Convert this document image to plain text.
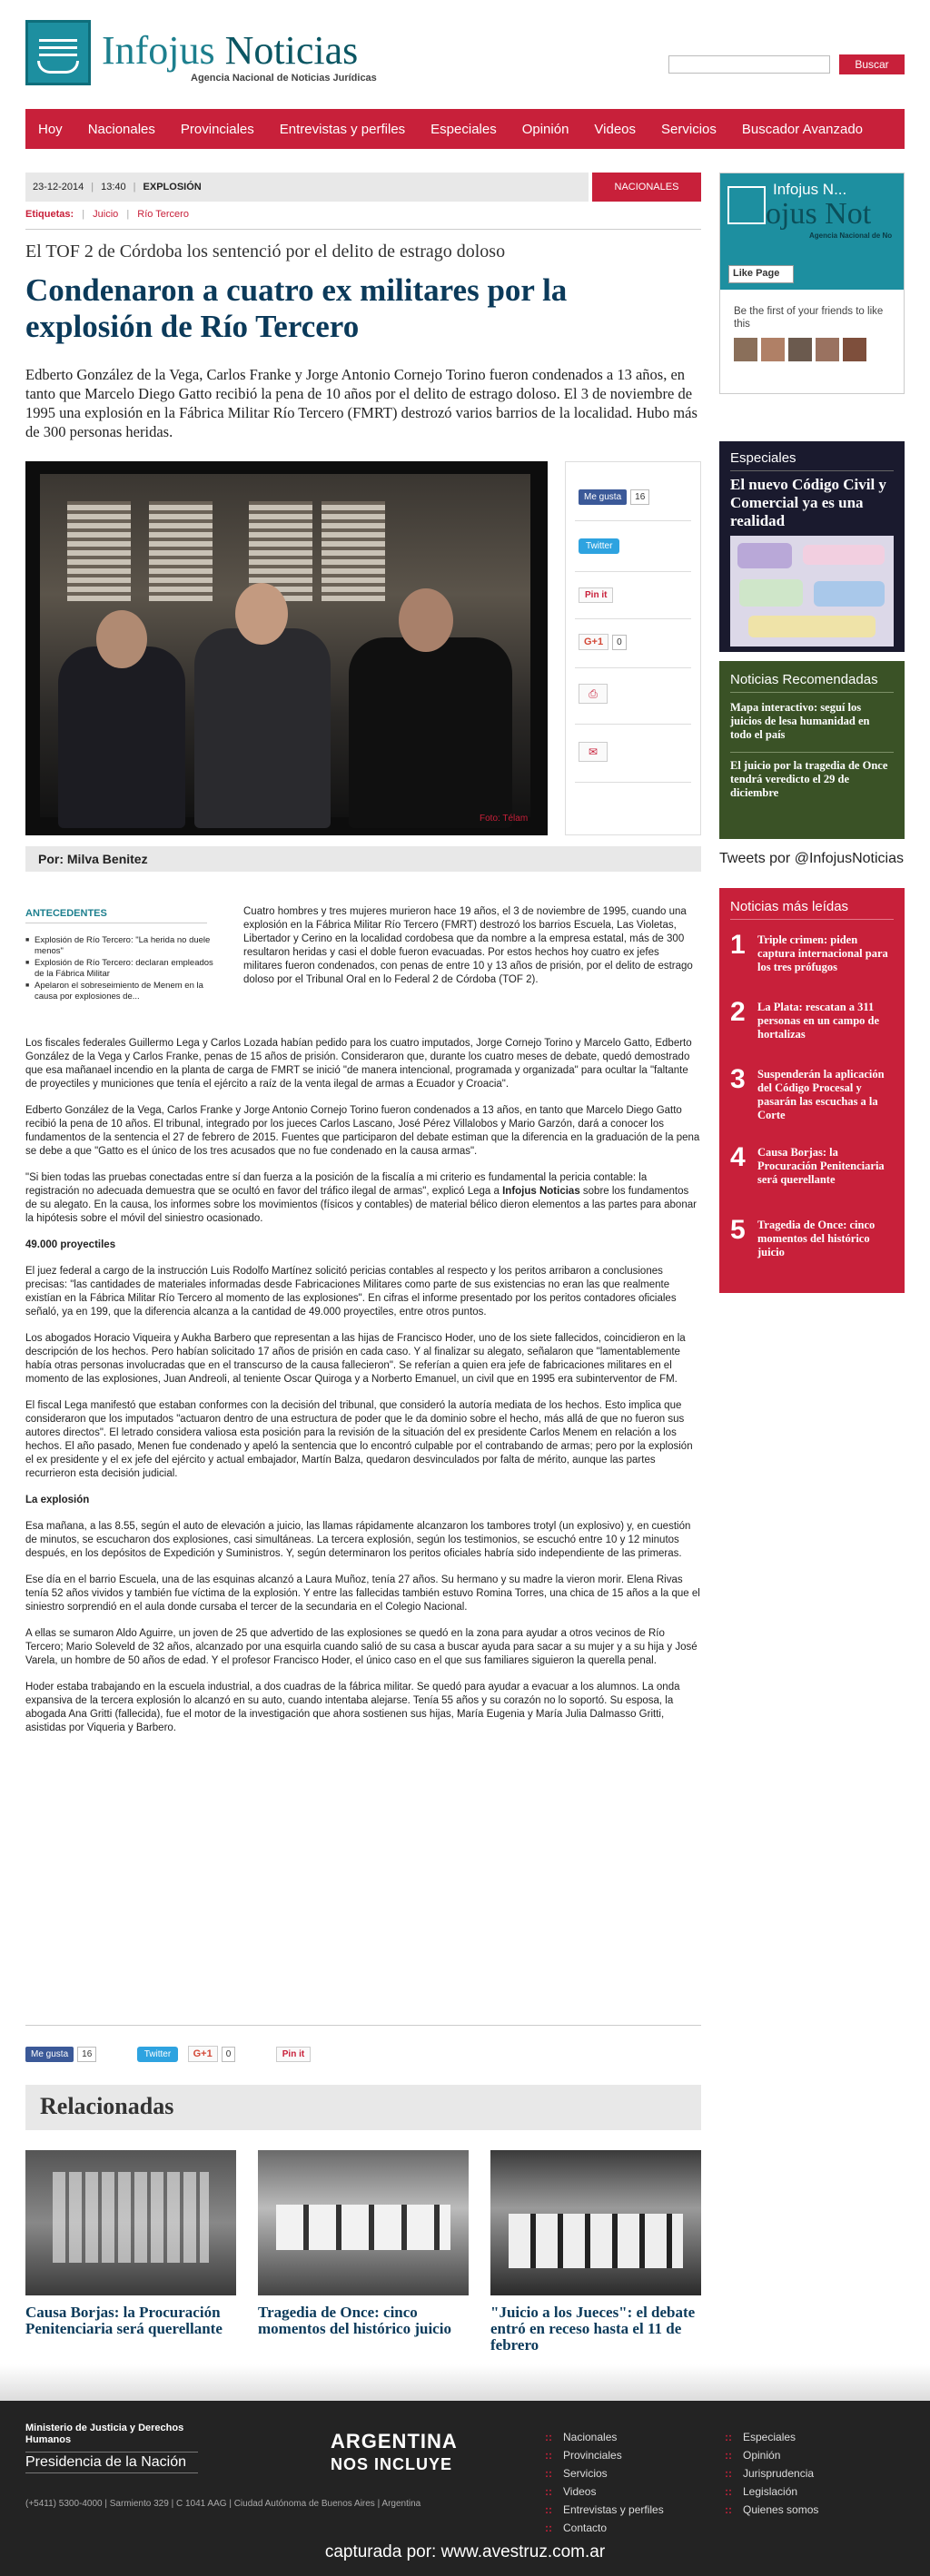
Infojus Noticias
Agencia Nacional de Noticias Jurídicas
Buscar
Hoy Nacionales Provinciales Entrevistas y perfiles Especiales Opinión Videos Servicios Buscador Avanzado
23-12-2014 | 13:40 | EXPLOSIÓN	NACIONALES
Etiquetas: | Juicio | Río Tercero
El TOF 2 de Córdoba los sentenció por el delito de estrago doloso
Condenaron a cuatro ex militares por la explosión de Río Tercero
Edberto González de la Vega, Carlos Franke y Jorge Antonio Cornejo Torino fueron condenados a 13 años, en tanto que Marcelo Diego Gatto recibió la pena de 10 años por el delito de estrago doloso. El 3 de noviembre de 1995 una explosión en la Fábrica Militar Río Tercero (FMRT) destrozó varios barrios de la localidad. Hubo más de 300 personas heridas.
Foto: Télam
Me gusta 16
Twitter
Pin it
G+1 0
⎙
✉
Por: Milva Benitez
ANTECEDENTES
■ Explosión de Río Tercero: "La herida no duele menos"
■ Explosión de Río Tercero: declaran empleados de la Fábrica Militar
■ Apelaron el sobreseimiento de Menem en la causa por explosiones de...
Cuatro hombres y tres mujeres murieron hace 19 años, el 3 de noviembre de 1995, cuando una explosión en la Fábrica Militar Río Tercero (FMRT) destrozó los barrios Escuela, Las Violetas, Libertador y Cerino en la localidad cordobesa que da nombre a la empresa estatal, más de 300 resultaron heridas y casi el doble fueron evacuadas. Por estos hechos hoy cuatro ex jefes militares fueron condenados, con penas de entre 10 y 13 años de prisión, por el delito de estrago doloso por el Tribunal Oral en lo Federal 2 de Córdoba (TOF 2).

Los fiscales federales Guillermo Lega y Carlos Lozada habían pedido para los cuatro imputados, Jorge Cornejo Torino y Marcelo Gatto, Edberto González de la Vega y Carlos Franke, penas de 15 años de prisión. Consideraron que, durante los cuatro meses de debate, quedó demostrado que esa mañanael incendio en la planta de carga de FMRT se inició "de manera intencional, programada y organizada" para ocultar la "faltante de proyectiles y municiones que tenía el ejército a raíz de la venta ilegal de armas a Ecuador y Croacia".

Edberto González de la Vega, Carlos Franke y Jorge Antonio Cornejo Torino fueron condenados a 13 años, en tanto que Marcelo Diego Gatto recibió la pena de 10 años. El tribunal, integrado por los jueces Carlos Lascano, José Pérez Villalobos y Mario Garzón, dará a conocer los fundamentos de la sentencia el 27 de febrero de 2015. Fuentes que participaron del debate estiman que la diferencia en la graduación de la pena se debe a que "Gatto es el único de los tres acusados que no fue condenado en la causa armas".

"Si bien todas las pruebas conectadas entre sí dan fuerza a la posición de la fiscalía a mi criterio es fundamental la pericia contable: la registración no adecuada demuestra que se ocultó en favor del tráfico ilegal de armas", explicó Lega a Infojus Noticias sobre los fundamentos de su alegato. En la causa, los informes sobre los movimientos (físicos y contables) de material bélico dieron elementos a las partes para abonar la hipótesis sobre el móvil del siniestro ocasionado.

49.000 proyectiles

El juez federal a cargo de la instrucción Luis Rodolfo Martínez solicitó pericias contables al respecto y los peritos arribaron a conclusiones precisas: "las cantidades de materiales informadas desde Fabricaciones Militares como parte de sus existencias no eran las que realmente existían en la Fábrica Militar Río Tercero al momento de las explosiones". En cifras el informe presentado por los peritos contadores oficiales señaló, ya en 199, que la diferencia alcanza a la cantidad de 49.000 proyectiles, entre otros puntos.

Los abogados Horacio Viqueira y Aukha Barbero que representan a las hijas de Francisco Hoder, uno de los siete fallecidos, coincidieron en la descripción de los hechos. Pero habían solicitado 17 años de prisión en cada caso. Y al finalizar su alegato, señalaron que "lamentablemente había otras personas involucradas que en el transcurso de la causa fallecieron". Se referían a quien era jefe de fabricaciones militares en el momento de las explosiones, Juan Andreoli, al teniente Oscar Quiroga y a Norberto Emanuel, un civil que en 1995 era subinterventor de FM.

El fiscal Lega manifestó que estaban conformes con la decisión del tribunal, que consideró la autoría mediata de los hechos. Esto implica que consideraron que los imputados "actuaron dentro de una estructura de poder que le da dominio sobre el hecho, más allá de que no fueron sus autores directos". El letrado considera valiosa esta posición para la revisión de la situación del ex presidente Carlos Menem en relación a los hechos. El año pasado, Menen fue condenado y apeló la sentencia que lo encontró culpable por el contrabando de armas; pero por la explosión el ex presidente y el ex jefe del ejército y actual embajador, Martín Balza, quedaron desvinculados por falta de mérito, aunque las partes recurrieron esta decisión judicial.

La explosión

Esa mañana, a las 8.55, según el auto de elevación a juicio, las llamas rápidamente alcanzaron los tambores trotyl (un explosivo) y, en cuestión de minutos, se escucharon dos explosiones, casi simultáneas. La tercera explosión, según los testimonios, se escuchó entre 10 y 12 minutos después, en los depósitos de Expedición y Suministros. Y, según determinaron los peritos oficiales habría sido independiente de las primeras.

Ese día en el barrio Escuela, una de las esquinas alcanzó a Laura Muñoz, tenía 27 años. Su hermano y su madre la vieron morir. Elena Rivas tenía 52 años vividos y también fue víctima de la explosión. Y entre las fallecidas también estuvo Romina Torres, una chica de 15 años a la que el siniestro sorprendió en el aula donde cursaba el tercer de la secundaria en el Colegio Nacional.

A ellas se sumaron Aldo Aguirre, un joven de 25 que advertido de las explosiones se quedó en la zona para ayudar a otros vecinos de Río Tercero; Mario Soleveld de 32 años, alcanzado por una esquirla cuando salió de su casa a buscar ayuda para sacar a su mujer y a su hija y José Varela, un hombre de 50 años de edad. Y el profesor Francisco Hoder, el único caso en el que sus familiares siguieron la querella penal.

Hoder estaba trabajando en la escuela industrial, a dos cuadras de la fábrica militar. Se quedó para ayudar a evacuar a los alumnos. La onda expansiva de la tercera explosión lo alcanzó en su auto, cuando intentaba alejarse. Tenía 55 años y su corazón no lo soportó. Su esposa, la abogada Ana Gritti (fallecida), fue el motor de la investigación que ahora sostienen sus hijas, María Eugenia y María Julia Dalmasso Gritti, asistidas por Viqueria y Barbero.

Me gusta 16	Twitter G+1 0	Pin it
Relacionadas
Causa Borjas: la Procuración Penitenciaria será querellante
Tragedia de Once: cinco momentos del histórico juicio
"Juicio a los Jueces": el debate entró en receso hasta el 11 de febrero
Infojus N...
ojus Not
Agencia Nacional de No
Like Page
Be the first of your friends to like this
Especiales
El nuevo Código Civil y Comercial ya es una realidad
Noticias Recomendadas
Mapa interactivo: seguí los juicios de lesa humanidad en todo el país
El juicio por la tragedia de Once tendrá veredicto el 29 de diciembre
Tweets por @InfojusNoticias
Noticias más leídas
1 Triple crimen: piden captura internacional para los tres prófugos
2 La Plata: rescatan a 311 personas en un campo de hortalizas
3 Suspenderán la aplicación del Código Procesal y pasarán las escuchas a la Corte
4 Causa Borjas: la Procuración Penitenciaria será querellante
5 Tragedia de Once: cinco momentos del histórico juicio
Ministerio de Justicia y Derechos Humanos
Presidencia de la Nación
ARGENTINA
NOS INCLUYE
(+5411) 5300-4000 | Sarmiento 329 | C 1041 AAG | Ciudad Autónoma de Buenos Aires | Argentina
:: Nacionales
:: Provinciales
:: Servicios
:: Videos
:: Entrevistas y perfiles
:: Contacto
:: Especiales
:: Opinión
:: Jurisprudencia
:: Legislación
:: Quienes somos
capturada por: www.avestruz.com.ar
